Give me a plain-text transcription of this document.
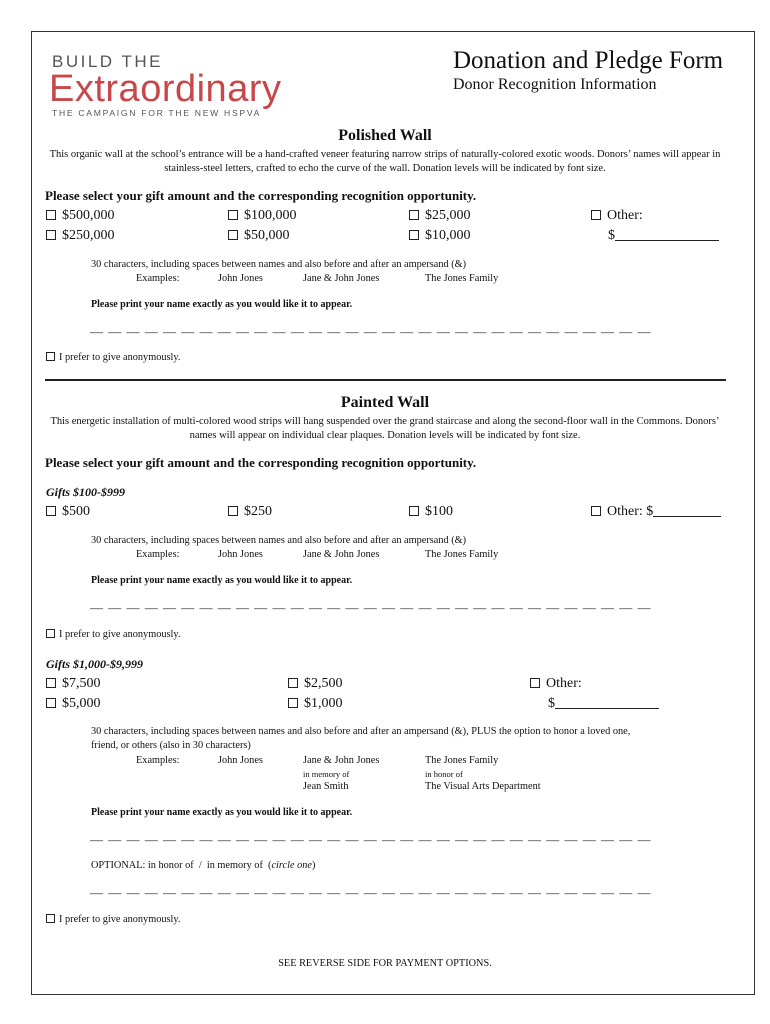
BUILD THE
Extraordinary
THE CAMPAIGN FOR THE NEW HSPVA
Donation and Pledge Form
Donor Recognition Information
Polished Wall
This organic wall at the school’s entrance will be a hand-crafted veneer featuring narrow strips of naturally-colored exotic woods. Donors’ names will appear in stainless-steel letters, crafted to echo the curve of the wall. Donation levels will be indicated by font size.
Please select your gift amount and the corresponding recognition opportunity.
$500,000	$100,000	$25,000	Other:
$250,000	$50,000	$10,000	$
30 characters, including spaces between names and also before and after an ampersand (&)
Examples:	John Jones	Jane & John Jones	The Jones Family
Please print your name exactly as you would like it to appear.
— — — — — — — — — — — — — — — — — — — — — — — — — — — — — — —
I prefer to give anonymously.
Painted Wall
This energetic installation of multi-colored wood strips will hang suspended over the grand staircase and along the second-floor wall in the Commons. Donors’ names will appear on individual clear plaques. Donation levels will be indicated by font size.
Please select your gift amount and the corresponding recognition opportunity.
Gifts $100-$999
$500	$250	$100	Other: $
30 characters, including spaces between names and also before and after an ampersand (&)
Examples:	John Jones	Jane & John Jones	The Jones Family
Please print your name exactly as you would like it to appear.
— — — — — — — — — — — — — — — — — — — — — — — — — — — — — — —
I prefer to give anonymously.
Gifts $1,000-$9,999
$7,500	$2,500	Other:
$5,000	$1,000	$
30 characters, including spaces between names and also before and after an ampersand (&), PLUS the option to honor a loved one,
friend, or others (also in 30 characters)
Examples:	John Jones	Jane & John Jones	The Jones Family
in memory of	in honor of
Jean Smith	The Visual Arts Department
Please print your name exactly as you would like it to appear.
— — — — — — — — — — — — — — — — — — — — — — — — — — — — — — —
OPTIONAL: in honor of  /  in memory of  (circle one)
— — — — — — — — — — — — — — — — — — — — — — — — — — — — — — —
I prefer to give anonymously.
SEE REVERSE SIDE FOR PAYMENT OPTIONS.
